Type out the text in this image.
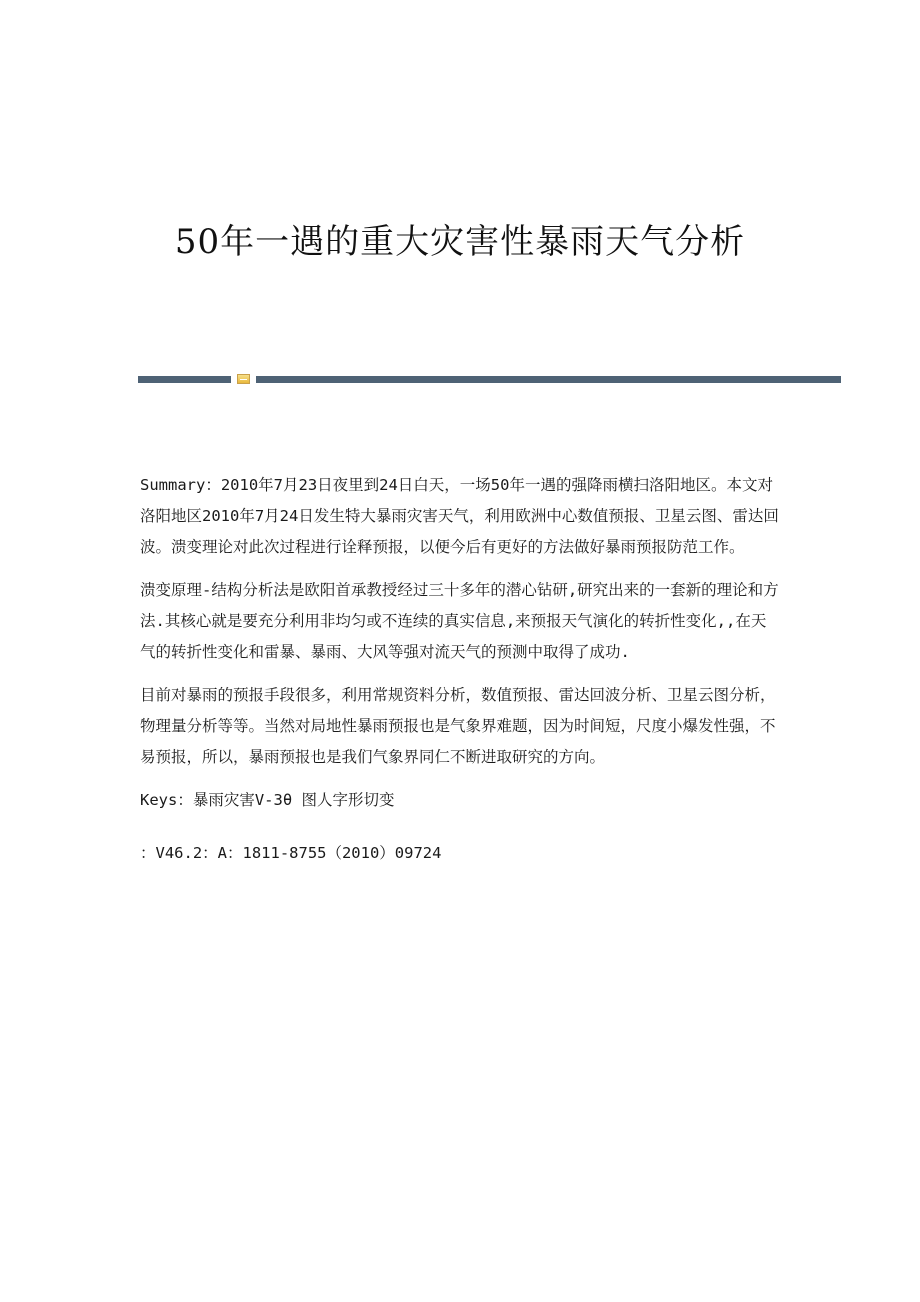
50年一遇的重大灾害性暴雨天气分析

Summary：2010年7月23日夜里到24日白天，一场50年一遇的强降雨横扫洛阳地区。本文对洛阳地区2010年7月24日发生特大暴雨灾害天气，利用欧洲中心数值预报、卫星云图、雷达回波。溃变理论对此次过程进行诠释预报，以便今后有更好的方法做好暴雨预报防范工作。

溃变原理-结构分析法是欧阳首承教授经过三十多年的潜心钻研,研究出来的一套新的理论和方法.其核心就是要充分利用非均匀或不连续的真实信息,来预报天气演化的转折性变化,,在天气的转折性变化和雷暴、暴雨、大风等强对流天气的预测中取得了成功.

目前对暴雨的预报手段很多，利用常规资料分析，数值预报、雷达回波分析、卫星云图分析，物理量分析等等。当然对局地性暴雨预报也是气象界难题，因为时间短，尺度小爆发性强，不易预报，所以，暴雨预报也是我们气象界同仁不断进取研究的方向。

Keys：暴雨灾害V-3θ 图人字形切变

：V46.2：A：1811-8755（2010）09724
